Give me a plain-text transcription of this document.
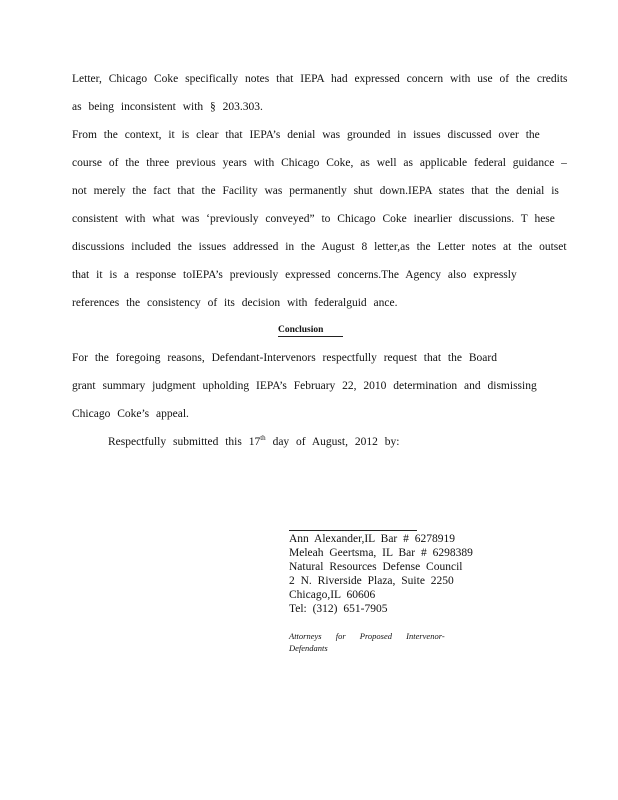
Letter, Chicago Coke specifically notes that IEPA had expressed concern with use of the credits
as being inconsistent with § 203.303.
From the context, it is clear that IEPA’s denial was grounded in issues discussed over the
course of the three previous years with Chicago Coke, as well as applicable federal guidance –
not merely the fact that the Facility was permanently shut down.IEPA states that the denial is
consistent with what was ‘previously conveyed” to Chicago Coke inearlier discussions. T hese
discussions included the issues addressed in the August 8 letter,as the Letter notes at the outset
that it is a response toIEPA’s previously expressed concerns.The Agency also expressly
references the consistency of its decision with federalguid ance.
Conclusion
For the foregoing reasons, Defendant-Intervenors respectfully request that the Board
grant summary judgment upholding IEPA’s February 22, 2010 determination and dismissing
Chicago Coke’s appeal.
Respectfully submitted this 17th day of August, 2012 by:
Ann Alexander,IL Bar # 6278919
Meleah Geertsma, IL Bar # 6298389
Natural Resources Defense Council
2 N. Riverside Plaza, Suite 2250
Chicago,IL 60606
Tel: (312) 651-7905
Attorneys for Proposed Intervenor-Defendants
